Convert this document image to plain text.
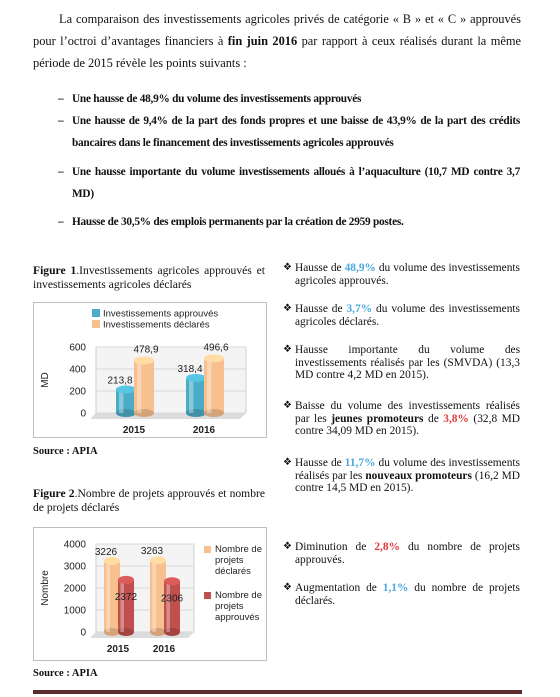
La comparaison des investissements agricoles privés de catégorie « B » et « C » approuvés pour l’octroi d’avantages financiers à fin juin 2016 par rapport à ceux réalisés durant la même période de 2015 révèle les points suivants :
– Une hausse de 48,9% du volume des investissements approuvés
– Une hausse de 9,4% de la part des fonds propres et une baisse de 43,9% de la part des crédits bancaires dans le financement des investissements agricoles approuvés
– Une hausse importante du volume investissements alloués à l’aquaculture (10,7 MD contre 3,7 MD)
– Hausse de 30,5% des emplois permanents par la création de 2959 postes.
Figure 1.Investissements agricoles approuvés et investissements agricoles déclarés
0
200
400
600
MD	213,8
478,9
2015
318,4
496,6
2016
Investissements approuvés
Investissements déclarés
Source : APIA
Figure 2.Nombre de projets approuvés et nombre de projets déclarés
0
1000
2000
3000
4000
Nombre
3226
2372
2015
3263
2306
2016
Nombre de projets déclarés
Nombre de projets approuvés
Source : APIA
❖ Hausse de 48,9% du volume des investissements agricoles approuvés.
❖ Hausse de 3,7% du volume des investissements agricoles déclarés.
❖ Hausse importante du volume des investissements réalisés par les (SMVDA) (13,3 MD contre 4,2 MD en 2015).
❖ Baisse du volume des investissements réalisés par les jeunes promoteurs de 3,8% (32,8 MD contre 34,09 MD en 2015).
❖ Hausse de 11,7% du volume des investissements réalisés par les nouveaux promoteurs (16,2 MD contre 14,5 MD en 2015).
❖ Diminution de 2,8% du nombre de projets approuvés.
❖ Augmentation de 1,1% du nombre de projets déclarés.
